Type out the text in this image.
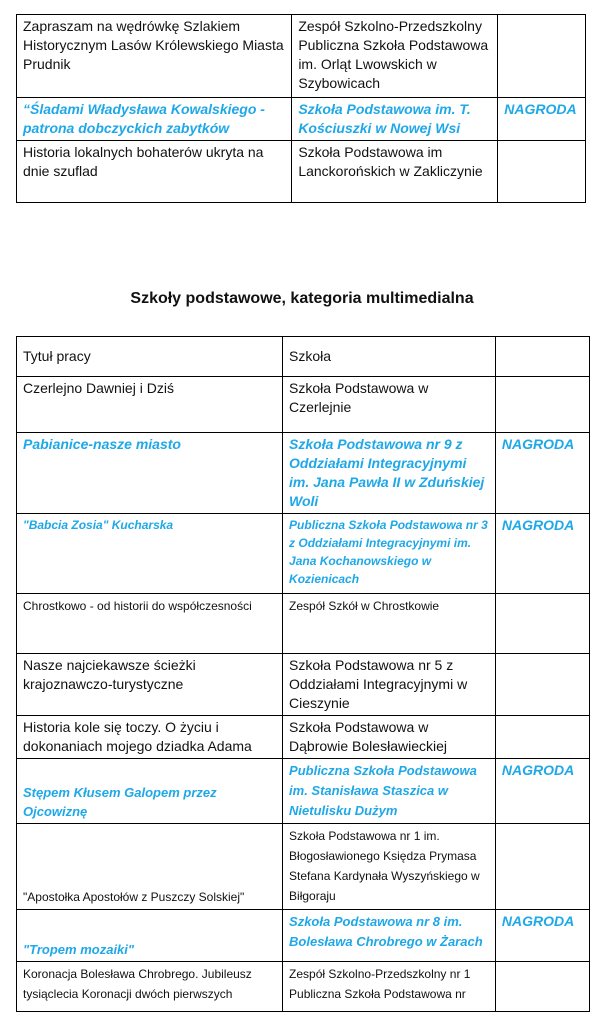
Zapraszam na wędrówkę Szlakiem Historycznym Lasów Królewskiego Miasta Prudnik	Zespół Szkolno-Przedszkolny Publiczna Szkoła Podstawowa im. Orląt Lwowskich w Szybowicach	
“Śladami Władysława Kowalskiego - patrona dobczyckich zabytków	Szkoła Podstawowa im. T. Kościuszki w Nowej Wsi	NAGRODA
Historia lokalnych bohaterów ukryta na dnie szuflad	Szkoła Podstawowa im Lanckorońskich w Zakliczynie	
Szkoły podstawowe, kategoria multimedialna
Tytuł pracy	Szkoła	
Czerlejno Dawniej i Dziś	Szkoła Podstawowa w Czerlejnie	
Pabianice-nasze miasto	Szkoła Podstawowa nr 9 z Oddziałami Integracyjnymi im. Jana Pawła II w Zduńskiej Woli	NAGRODA
"Babcia Zosia" Kucharska	Publiczna Szkoła Podstawowa nr 3 z Oddziałami Integracyjnymi im. Jana Kochanowskiego w Kozienicach	NAGRODA
Chrostkowo - od historii do współczesności	Zespół Szkół w Chrostkowie	
Nasze najciekawsze ścieżki krajoznawczo-turystyczne	Szkoła Podstawowa nr 5 z Oddziałami Integracyjnymi w Cieszynie	
Historia kole się toczy. O życiu i dokonaniach mojego dziadka Adama	Szkoła Podstawowa w Dąbrowie Bolesławieckiej	
Stępem Kłusem Galopem przez Ojcowiznę	Publiczna Szkoła Podstawowa im. Stanisława Staszica w Nietulisku Dużym	NAGRODA
"Apostołka Apostołów z Puszczy Solskiej"	Szkoła Podstawowa nr 1 im. Błogosławionego Księdza Prymasa Stefana Kardynała Wyszyńskiego w Biłgoraju	
"Tropem mozaiki"	Szkoła Podstawowa nr 8 im. Bolesława Chrobrego w Żarach	NAGRODA
Koronacja Bolesława Chrobrego. Jubileusz tysiąclecia Koronacji dwóch pierwszych	Zespół Szkolno-Przedszkolny nr 1 Publiczna Szkoła Podstawowa nr	
